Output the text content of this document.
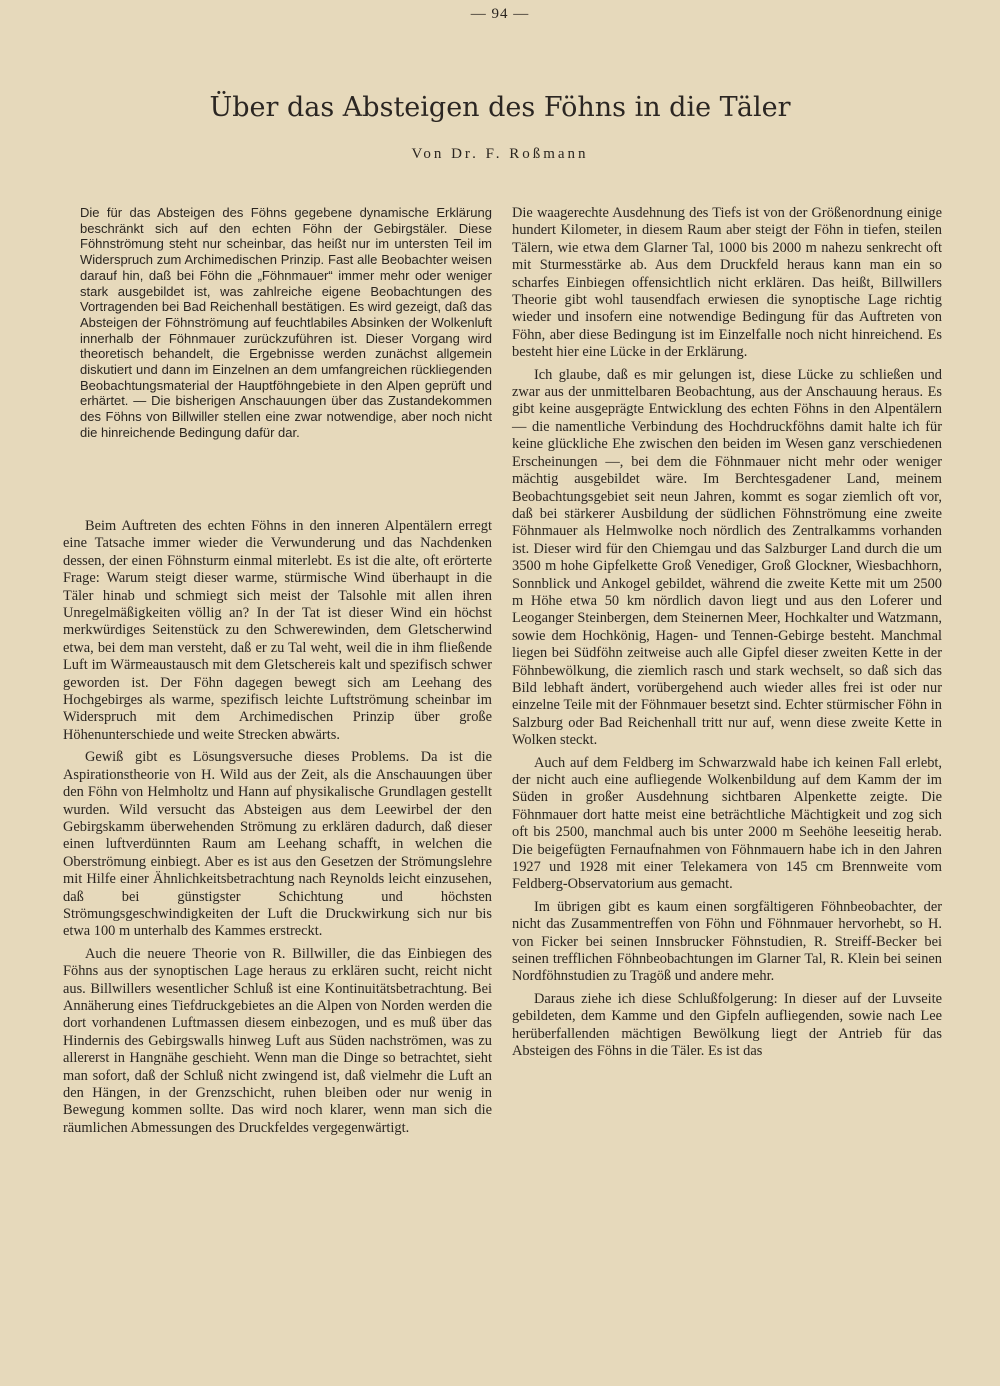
— 94 —
Über das Absteigen des Föhns in die Täler
Von Dr. F. Roßmann

Die für das Absteigen des Föhns gegebene dynamische Erklärung beschränkt sich auf den echten Föhn der Gebirgstäler. Diese Föhnströmung steht nur scheinbar, das heißt nur im untersten Teil im Widerspruch zum Archimedischen Prinzip. Fast alle Beobachter weisen darauf hin, daß bei Föhn die „Föhnmauer“ immer mehr oder weniger stark ausgebildet ist, was zahlreiche eigene Beobachtungen des Vortragenden bei Bad Reichenhall bestätigen. Es wird gezeigt, daß das Absteigen der Föhnströmung auf feuchtlabiles Absinken der Wolkenluft innerhalb der Föhnmauer zurückzuführen ist. Dieser Vorgang wird theoretisch behandelt, die Ergebnisse werden zunächst allgemein diskutiert und dann im Einzelnen an dem umfangreichen rückliegenden Beobachtungsmaterial der Hauptföhngebiete in den Alpen geprüft und erhärtet. — Die bisherigen Anschauungen über das Zustandekommen des Föhns von Billwiller stellen eine zwar notwendige, aber noch nicht die hinreichende Bedingung dafür dar.

Beim Auftreten des echten Föhns in den inneren Alpentälern erregt eine Tatsache immer wieder die Verwunderung und das Nachdenken dessen, der einen Föhnsturm einmal miterlebt. Es ist die alte, oft erörterte Frage: Warum steigt dieser warme, stürmische Wind überhaupt in die Täler hinab und schmiegt sich meist der Talsohle mit allen ihren Unregelmäßigkeiten völlig an? In der Tat ist dieser Wind ein höchst merkwürdiges Seitenstück zu den Schwerewinden, dem Gletscherwind etwa, bei dem man versteht, daß er zu Tal weht, weil die in ihm fließende Luft im Wärmeaustausch mit dem Gletschereis kalt und spezifisch schwer geworden ist. Der Föhn dagegen bewegt sich am Leehang des Hochgebirges als warme, spezifisch leichte Luftströmung scheinbar im Widerspruch mit dem Archimedischen Prinzip über große Höhenunterschiede und weite Strecken abwärts.

Gewiß gibt es Lösungsversuche dieses Problems. Da ist die Aspirationstheorie von H. Wild aus der Zeit, als die Anschauungen über den Föhn von Helmholtz und Hann auf physikalische Grundlagen gestellt wurden. Wild versucht das Absteigen aus dem Leewirbel der den Gebirgskamm überwehenden Strömung zu erklären dadurch, daß dieser einen luftverdünnten Raum am Leehang schafft, in welchen die Oberströmung einbiegt. Aber es ist aus den Gesetzen der Strömungslehre mit Hilfe einer Ähnlichkeitsbetrachtung nach Reynolds leicht einzusehen, daß bei günstigster Schichtung und höchsten Strömungsgeschwindigkeiten der Luft die Druckwirkung sich nur bis etwa 100 m unterhalb des Kammes erstreckt.

Auch die neuere Theorie von R. Billwiller, die das Einbiegen des Föhns aus der synoptischen Lage heraus zu erklären sucht, reicht nicht aus. Billwillers wesentlicher Schluß ist eine Kontinuitätsbetrachtung. Bei Annäherung eines Tiefdruckgebietes an die Alpen von Norden werden die dort vorhandenen Luftmassen diesem einbezogen, und es muß über das Hindernis des Gebirgswalls hinweg Luft aus Süden nachströmen, was zu allererst in Hangnähe geschieht. Wenn man die Dinge so betrachtet, sieht man sofort, daß der Schluß nicht zwingend ist, daß vielmehr die Luft an den Hängen, in der Grenzschicht, ruhen bleiben oder nur wenig in Bewegung kommen sollte. Das wird noch klarer, wenn man sich die räumlichen Abmessungen des Druckfeldes vergegenwärtigt.

Die waagerechte Ausdehnung des Tiefs ist von der Größenordnung einige hundert Kilometer, in diesem Raum aber steigt der Föhn in tiefen, steilen Tälern, wie etwa dem Glarner Tal, 1000 bis 2000 m nahezu senkrecht oft mit Sturmesstärke ab. Aus dem Druckfeld heraus kann man ein so scharfes Einbiegen offensichtlich nicht erklären. Das heißt, Billwillers Theorie gibt wohl tausendfach erwiesen die synoptische Lage richtig wieder und insofern eine notwendige Bedingung für das Auftreten von Föhn, aber diese Bedingung ist im Einzelfalle noch nicht hinreichend. Es besteht hier eine Lücke in der Erklärung.

Ich glaube, daß es mir gelungen ist, diese Lücke zu schließen und zwar aus der unmittelbaren Beobachtung, aus der Anschauung heraus. Es gibt keine ausgeprägte Entwicklung des echten Föhns in den Alpentälern — die namentliche Verbindung des Hochdruckföhns damit halte ich für keine glückliche Ehe zwischen den beiden im Wesen ganz verschiedenen Erscheinungen —, bei dem die Föhnmauer nicht mehr oder weniger mächtig ausgebildet wäre. Im Berchtesgadener Land, meinem Beobachtungsgebiet seit neun Jahren, kommt es sogar ziemlich oft vor, daß bei stärkerer Ausbildung der südlichen Föhnströmung eine zweite Föhnmauer als Helmwolke noch nördlich des Zentralkamms vorhanden ist. Dieser wird für den Chiemgau und das Salzburger Land durch die um 3500 m hohe Gipfelkette Groß Venediger, Groß Glockner, Wiesbachhorn, Sonnblick und Ankogel gebildet, während die zweite Kette mit um 2500 m Höhe etwa 50 km nördlich davon liegt und aus den Loferer und Leoganger Steinbergen, dem Steinernen Meer, Hochkalter und Watzmann, sowie dem Hochkönig, Hagen- und Tennen-Gebirge besteht. Manchmal liegen bei Südföhn zeitweise auch alle Gipfel dieser zweiten Kette in der Föhnbewölkung, die ziemlich rasch und stark wechselt, so daß sich das Bild lebhaft ändert, vorübergehend auch wieder alles frei ist oder nur einzelne Teile mit der Föhnmauer besetzt sind. Echter stürmischer Föhn in Salzburg oder Bad Reichenhall tritt nur auf, wenn diese zweite Kette in Wolken steckt.

Auch auf dem Feldberg im Schwarzwald habe ich keinen Fall erlebt, der nicht auch eine aufliegende Wolkenbildung auf dem Kamm der im Süden in großer Ausdehnung sichtbaren Alpenkette zeigte. Die Föhnmauer dort hatte meist eine beträchtliche Mächtigkeit und zog sich oft bis 2500, manchmal auch bis unter 2000 m Seehöhe leeseitig herab. Die beigefügten Fernaufnahmen von Föhnmauern habe ich in den Jahren 1927 und 1928 mit einer Telekamera von 145 cm Brennweite vom Feldberg-Observatorium aus gemacht.

Im übrigen gibt es kaum einen sorgfältigeren Föhnbeobachter, der nicht das Zusammentreffen von Föhn und Föhnmauer hervorhebt, so H. von Ficker bei seinen Innsbrucker Föhnstudien, R. Streiff-Becker bei seinen trefflichen Föhnbeobachtungen im Glarner Tal, R. Klein bei seinen Nordföhnstudien zu Tragöß und andere mehr.

Daraus ziehe ich diese Schlußfolgerung: In dieser auf der Luvseite gebildeten, dem Kamme und den Gipfeln aufliegenden, sowie nach Lee herüberfallenden mächtigen Bewölkung liegt der Antrieb für das Absteigen des Föhns in die Täler. Es ist das
